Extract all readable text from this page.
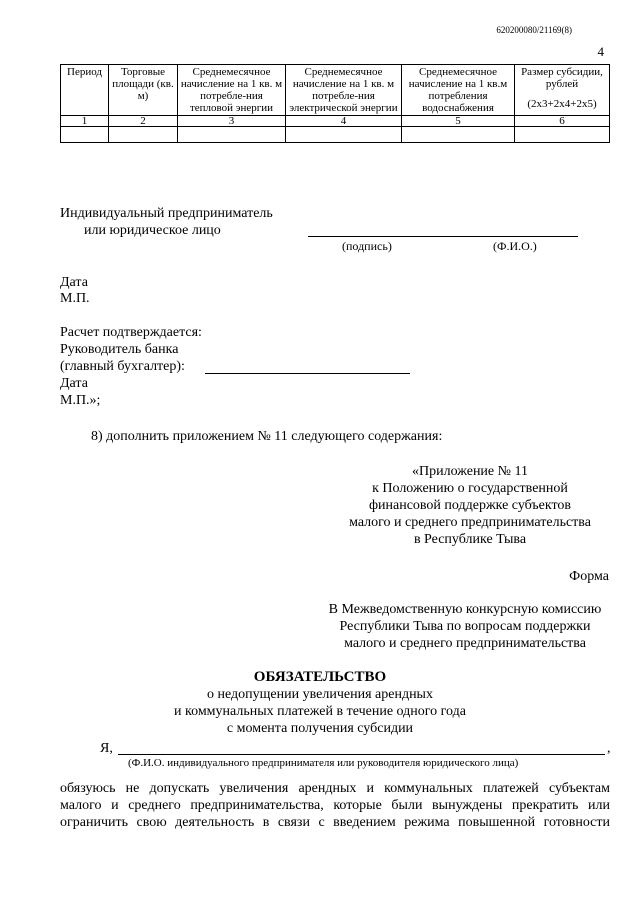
620200080/21169(8)
4
Период	Торговые площади (кв. м)	Среднемесячное начисление на 1 кв. м потребле-ния тепловой энергии	Среднемесячное начисление на 1 кв. м потребле-ния электрической энергии	Среднемесячное начисление на 1 кв.м потребления водоснабжения	Размер субсидии, рублей
(2x3+2x4+2x5)

1	2	3	4	5	6

Индивидуальный предприниматель
или юридическое лицо
(подпись)	(Ф.И.О.)
Дата
М.П.
Расчет подтверждается:
Руководитель банка
(главный бухгалтер):
Дата
М.П.»;
8) дополнить приложением № 11 следующего содержания:
«Приложение № 11
к Положению о государственной
финансовой поддержке субъектов
малого и среднего предпринимательства
в Республике Тыва
Форма
В Межведомственную конкурсную комиссию
Республики Тыва по вопросам поддержки
малого и среднего предпринимательства
ОБЯЗАТЕЛЬСТВО
о недопущении увеличения арендных
и коммунальных платежей в течение одного года
с момента получения субсидии
Я,	,
(Ф.И.О. индивидуального предпринимателя или руководителя юридического лица)
обязуюсь не допускать увеличения арендных и коммунальных платежей субъектам
малого и среднего предпринимательства, которые были вынуждены прекратить или
ограничить свою деятельность в связи с введением режима повышенной готовности
